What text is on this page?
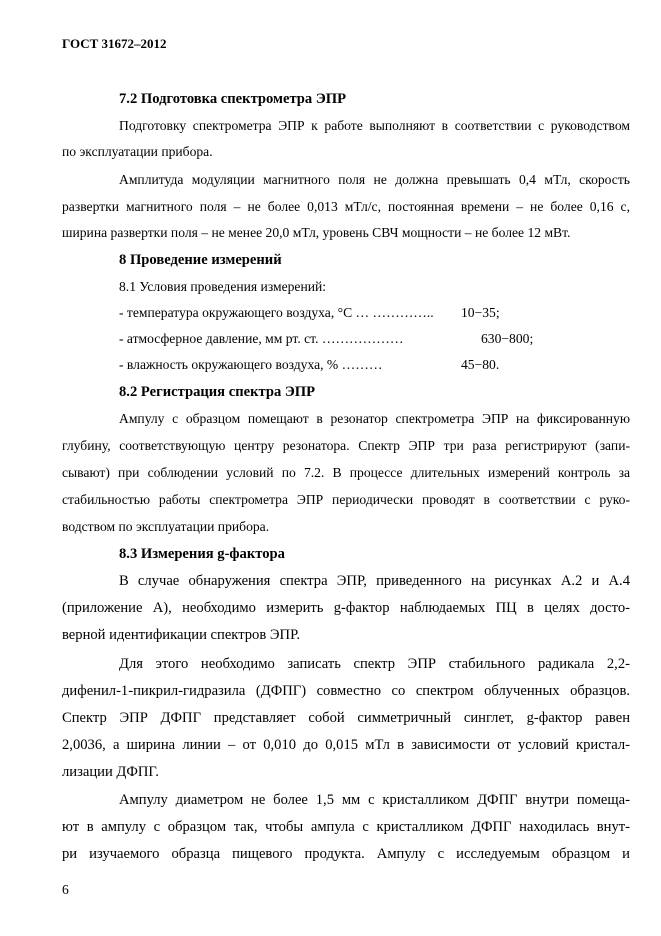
ГОСТ 31672–2012
7.2 Подготовка спектрометра ЭПР
Подготовку спектрометра ЭПР к работе выполняют в соответствии с руководством
по эксплуатации прибора.
Амплитуда модуляции магнитного поля не должна превышать 0,4 мТл, скорость
развертки магнитного поля – не более 0,013 мТл/с, постоянная времени – не более 0,16 с,
ширина развертки поля – не менее 20,0 мТл, уровень СВЧ мощности – не более 12 мВт.
8 Проведение измерений
8.1 Условия проведения измерений:
- температура окружающего воздуха, °С … ………….. 10−35;
- атмосферное давление, мм рт. ст. ………………	630−800;
- влажность окружающего воздуха, % ………	45−80.
8.2 Регистрация спектра ЭПР
Ампулу с образцом помещают в резонатор спектрометра ЭПР на фиксированную
глубину, соответствующую центру резонатора. Спектр ЭПР три раза регистрируют (запи-
сывают) при соблюдении условий по 7.2. В процессе длительных измерений контроль за
стабильностью работы спектрометра ЭПР периодически проводят в соответствии с руко-
водством по эксплуатации прибора.
8.3 Измерения g-фактора
В случае обнаружения спектра ЭПР, приведенного на рисунках А.2 и А.4
(приложение А), необходимо измерить g-фактор наблюдаемых ПЦ в целях досто-
верной идентификации спектров ЭПР.
Для этого необходимо записать спектр ЭПР стабильного радикала 2,2-
дифенил-1-пикрил-гидразила (ДФПГ) совместно со спектром облученных образцов.
Спектр ЭПР ДФПГ представляет собой симметричный синглет, g-фактор равен
2,0036, а ширина линии – от 0,010 до 0,015 мТл в зависимости от условий кристал-
лизации ДФПГ.
Ампулу диаметром не более 1,5 мм с кристалликом ДФПГ внутри помеща-
ют в ампулу с образцом так, чтобы ампула с кристалликом ДФПГ находилась внут-
ри изучаемого образца пищевого продукта. Ампулу с исследуемым образцом и
6
